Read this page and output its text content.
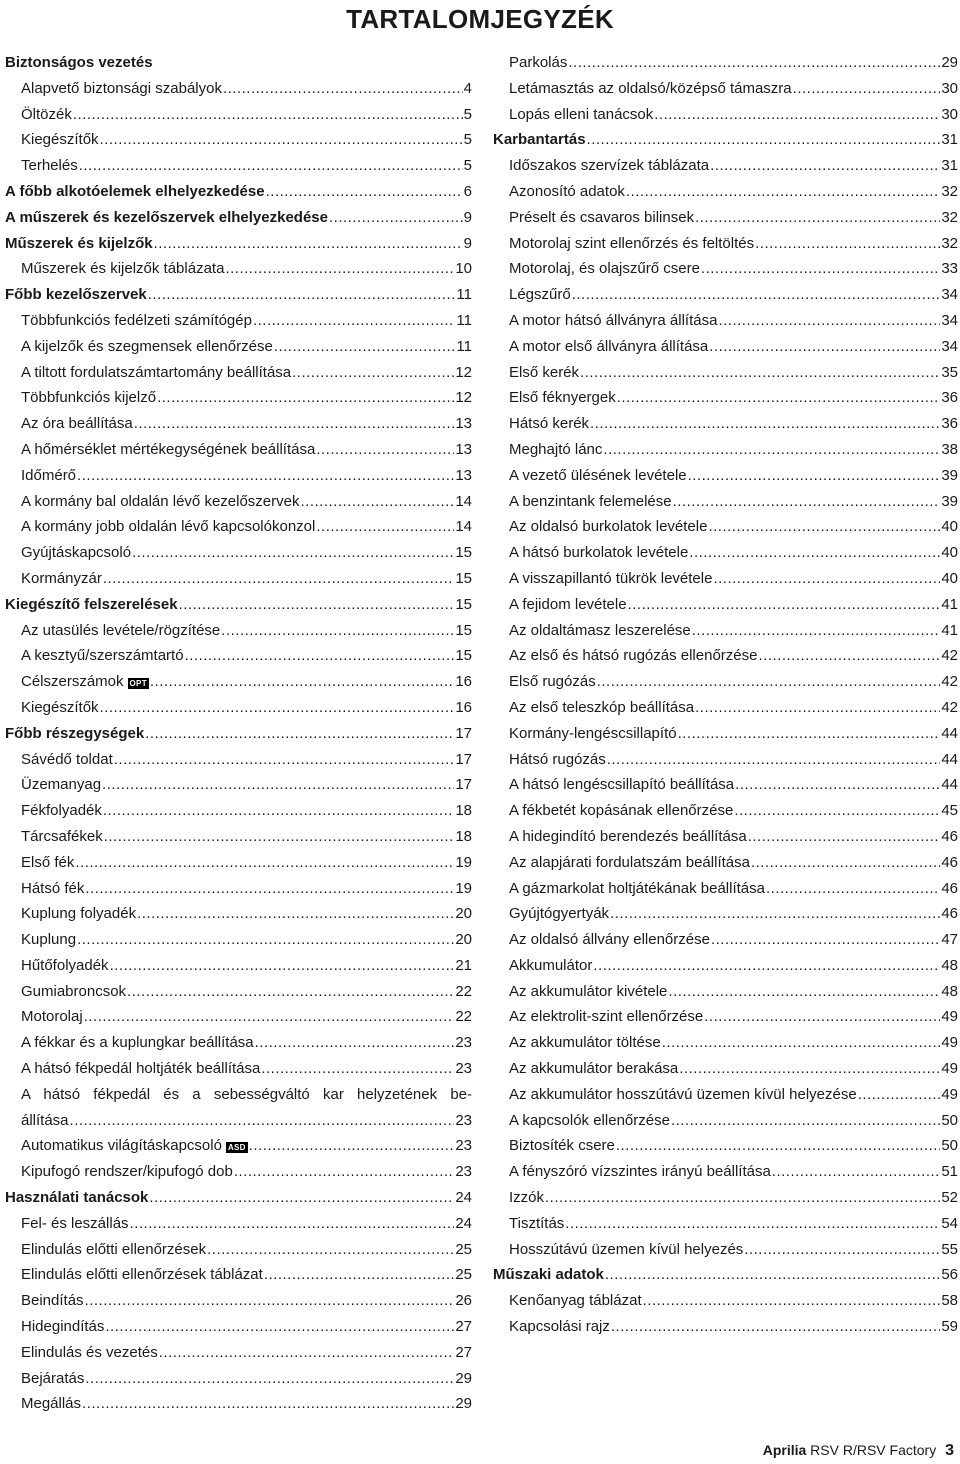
TARTALOMJEGYZÉK
Biztonságos vezetés
Alapvető biztonsági szabályok .....	4
Öltözék .....	5
Kiegészítők .....	5
Terhelés .....	5
A főbb alkotóelemek elhelyezkedése .....	6
A műszerek és kezelőszervek elhelyezkedése .....	9
Műszerek és kijelzők .....	9
Műszerek és kijelzők táblázata .....	10
Főbb kezelőszervek .....	11
Többfunkciós fedélzeti számítógép .....	11
A kijelzők és szegmensek ellenőrzése .....	11
A tiltott fordulatszámtartomány beállítása .....	12
Többfunkciós kijelző .....	12
Az óra beállítása .....	13
A hőmérséklet mértékegységének beállítása .....	13
Időmérő .....	13
A kormány bal oldalán lévő kezelőszervek .....	14
A kormány jobb oldalán lévő kapcsolókonzol .....	14
Gyújtáskapcsoló .....	15
Kormányzár .....	15
Kiegészítő felszerelések .....	15
Az utasülés levétele/rögzítése .....	15
A kesztyű/szerszámtartó .....	15
Célszerszámok OPT .....	16
Kiegészítők .....	16
Főbb részegységek .....	17
Sávédő toldat .....	17
Üzemanyag .....	17
Fékfolyadék .....	18
Tárcsafékek .....	18
Első fék .....	19
Hátsó fék .....	19
Kuplung folyadék .....	20
Kuplung .....	20
Hűtőfolyadék .....	21
Gumiabroncsok .....	22
Motorolaj .....	22
A fékkar és a kuplungkar beállítása .....	23
A hátsó fékpedál holtjáték beállítása .....	23
A hátsó fékpedál és a sebességváltó kar helyzetének be-
állítása .....	23
Automatikus világításkapcsoló ASD .....	23
Kipufogó rendszer/kipufogó dob .....	23
Használati tanácsok .....	24
Fel- és leszállás .....	24
Elindulás előtti ellenőrzések .....	25
Elindulás előtti ellenőrzések táblázat .....	25
Beindítás .....	26
Hidegindítás .....	27
Elindulás és vezetés .....	27
Bejáratás .....	29
Megállás .....	29
Parkolás .....	29
Letámasztás az oldalsó/középső támaszra .....	30
Lopás elleni tanácsok .....	30
Karbantartás .....	31
Időszakos szervízek táblázata .....	31
Azonosító adatok .....	32
Préselt és csavaros bilinsek .....	32
Motorolaj szint ellenőrzés és feltöltés .....	32
Motorolaj, és olajszűrő csere .....	33
Légszűrő .....	34
A motor hátsó állványra állítása .....	34
A motor első állványra állítása .....	34
Első kerék .....	35
Első féknyergek .....	36
Hátsó kerék .....	36
Meghajtó lánc .....	38
A vezető ülésének levétele .....	39
A benzintank felemelése .....	39
Az oldalsó burkolatok levétele .....	40
A hátsó burkolatok levétele .....	40
A visszapillantó tükrök levétele .....	40
A fejidom levétele .....	41
Az oldaltámasz leszerelése .....	41
Az első és hátsó rugózás ellenőrzése .....	42
Első rugózás .....	42
Az első teleszkóp beállítása .....	42
Kormány-lengéscsillapító .....	44
Hátsó rugózás .....	44
A hátsó lengéscsillapító beállítása .....	44
A fékbetét kopásának ellenőrzése .....	45
A hidegindító berendezés beállítása .....	46
Az alapjárati fordulatszám beállítása .....	46
A gázmarkolat holtjátékának beállítása .....	46
Gyújtógyertyák .....	46
Az oldalsó állvány ellenőrzése .....	47
Akkumulátor .....	48
Az akkumulátor kivétele .....	48
Az elektrolit-szint ellenőrzése .....	49
Az akkumulátor töltése .....	49
Az akkumulátor berakása .....	49
Az akkumulátor hosszútávú üzemen kívül helyezése .....	49
A kapcsolók ellenőrzése .....	50
Biztosíték csere .....	50
A fényszóró vízszintes irányú beállítása .....	51
Izzók .....	52
Tisztítás .....	54
Hosszútávú üzemen kívül helyezés .....	55
Műszaki adatok .....	56
Kenőanyag táblázat .....	58
Kapcsolási rajz .....	59
Aprilia RSV R/RSV Factory 3
